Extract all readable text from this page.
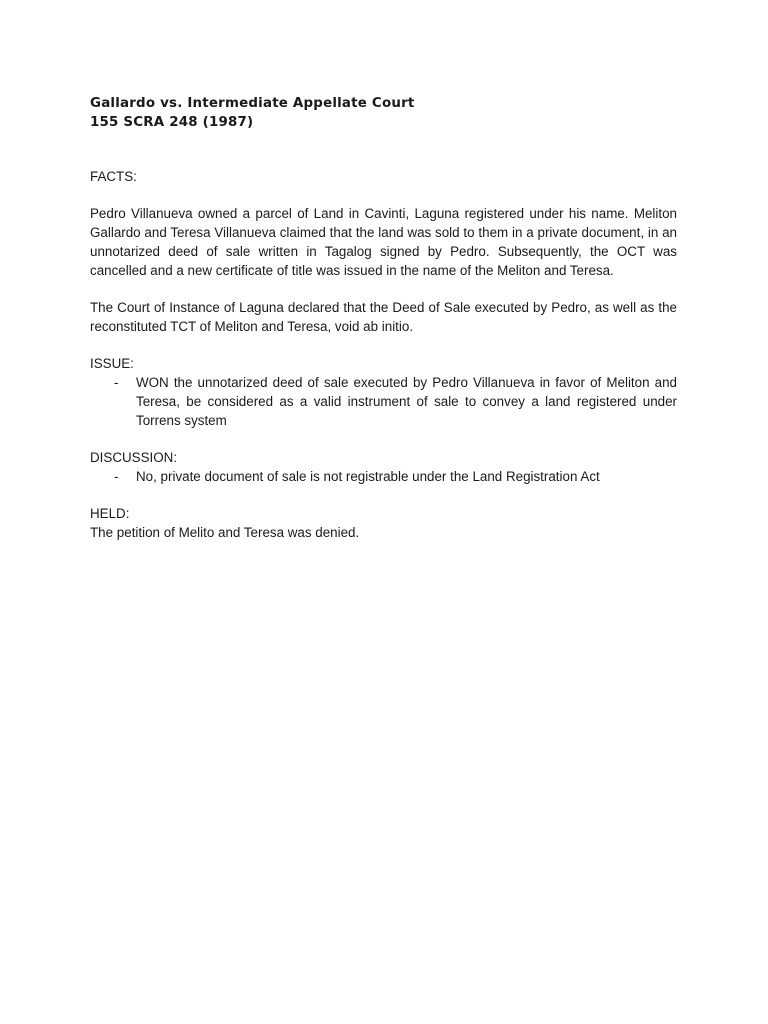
Gallardo vs. Intermediate Appellate Court
155 SCRA 248 (1987)

FACTS:

Pedro Villanueva owned a parcel of Land in Cavinti, Laguna registered under his name. Meliton Gallardo and Teresa Villanueva claimed that the land was sold to them in a private document, in an unnotarized deed of sale written in Tagalog signed by Pedro. Subsequently, the OCT was cancelled and a new certificate of title was issued in the name of the Meliton and Teresa.

The Court of Instance of Laguna declared that the Deed of Sale executed by Pedro, as well as the reconstituted TCT of Meliton and Teresa, void ab initio.

ISSUE:

-	WON the unnotarized deed of sale executed by Pedro Villanueva in favor of Meliton and Teresa, be considered as a valid instrument of sale to convey a land registered under Torrens system

DISCUSSION:

-	No, private document of sale is not registrable under the Land Registration Act

HELD:

The petition of Melito and Teresa was denied.
